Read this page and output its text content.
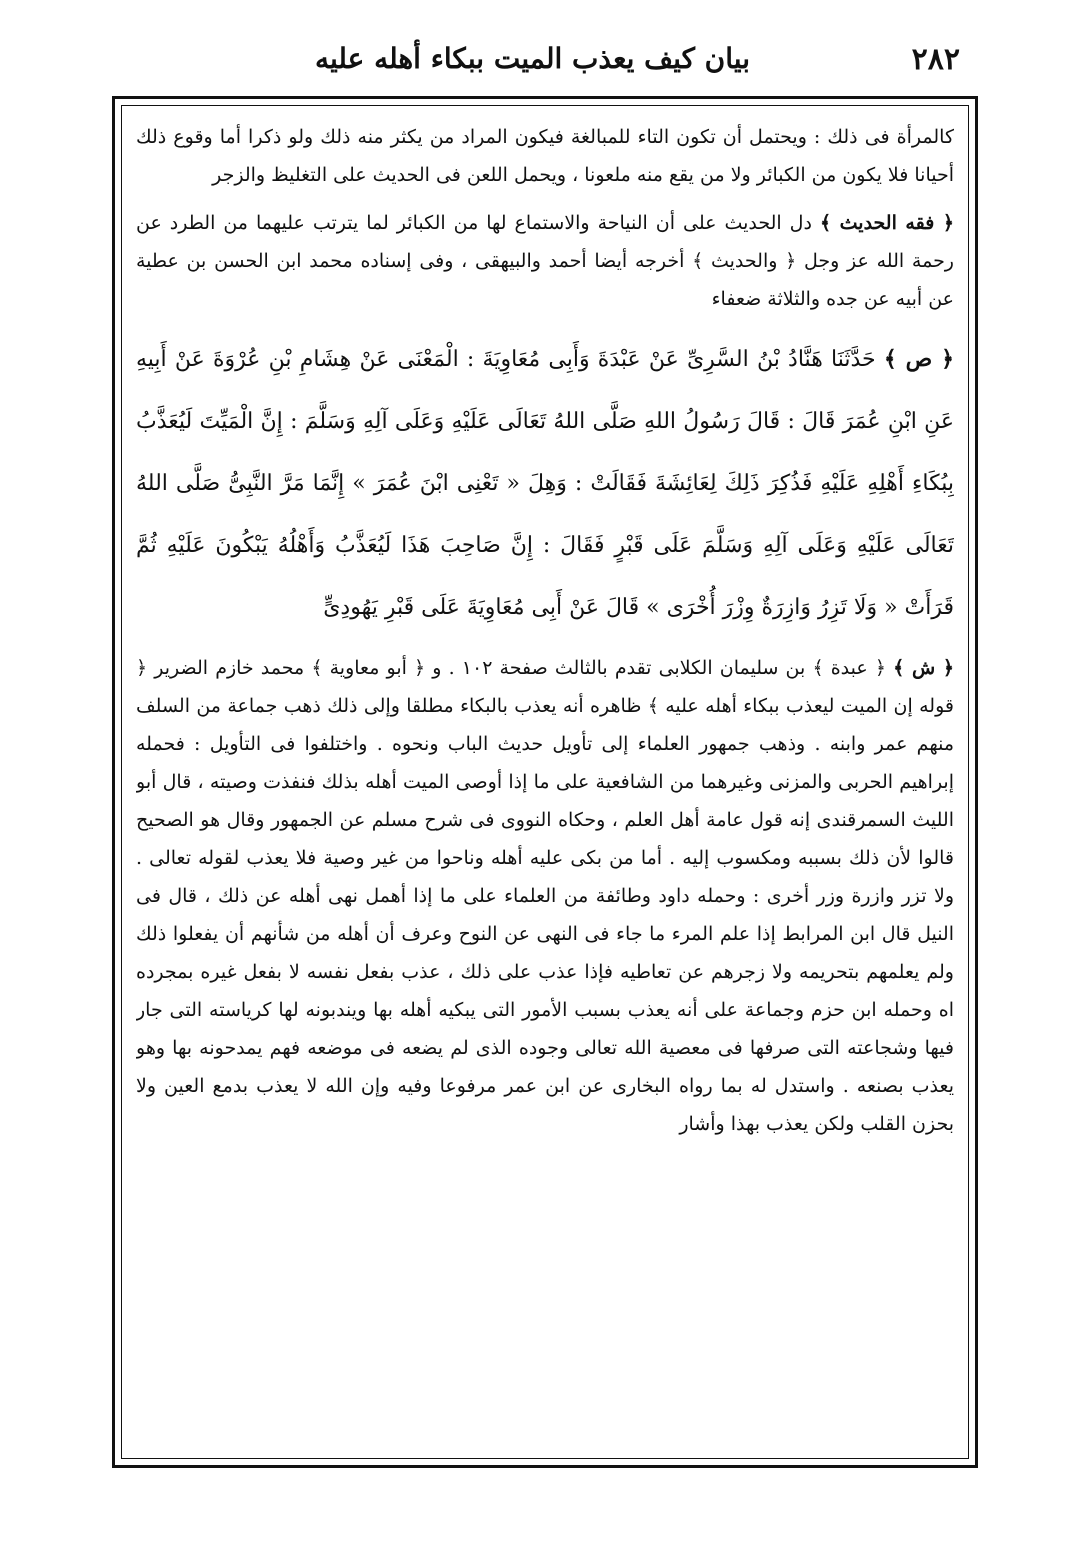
٢٨٢
بيان كيف يعذب الميت ببكاء أهله عليه

كالمرأة فى ذلك : ويحتمل أن تكون التاء للمبالغة فيكون المراد من يكثر منه ذلك ولو ذكرا أما وقوع ذلك أحيانا فلا يكون من الكبائر ولا من يقع منه ملعونا ، ويحمل اللعن فى الحديث على التغليظ والزجر

﴿ فقه الحديث ﴾ دل الحديث على أن النياحة والاستماع لها من الكبائر لما يترتب عليهما من الطرد عن رحمة الله عز وجل ﴿ والحديث ﴾ أخرجه أيضا أحمد والبيهقى ، وفى إسناده محمد ابن الحسن بن عطية عن أبيه عن جده والثلاثة ضعفاء

﴿ ص ﴾ حَدَّثَنَا هَنَّادُ بْنُ السَّرِىِّ عَنْ عَبْدَةَ وَأَبِى مُعَاوِيَةَ : الْمَعْنَى عَنْ هِشَامِ بْنِ عُرْوَةَ عَنْ أَبِيهِ عَنِ ابْنِ عُمَرَ قَالَ : قَالَ رَسُولُ اللهِ صَلَّى اللهُ تَعَالَى عَلَيْهِ وَعَلَى آلِهِ وَسَلَّمَ : إِنَّ الْمَيِّتَ لَيُعَذَّبُ بِبُكَاءِ أَهْلِهِ عَلَيْهِ فَذُكِرَ ذَلِكَ لِعَائِشَةَ فَقَالَتْ : وَهِلَ « تَعْنِى ابْنَ عُمَرَ » إِنَّمَا مَرَّ النَّبِىُّ صَلَّى اللهُ تَعَالَى عَلَيْهِ وَعَلَى آلِهِ وَسَلَّمَ عَلَى قَبْرٍ فَقَالَ : إِنَّ صَاحِبَ هَذَا لَيُعَذَّبُ وَأَهْلُهُ يَبْكُونَ عَلَيْهِ ثُمَّ قَرَأَتْ « وَلَا تَزِرُ وَازِرَةٌ وِزْرَ أُخْرَى » قَالَ عَنْ أَبِى مُعَاوِيَةَ عَلَى قَبْرِ يَهُودِىٍّ

﴿ ش ﴾ ﴿ عبدة ﴾ بن سليمان الكلابى تقدم بالثالث صفحة ١٠٢ . و ﴿ أبو معاوية ﴾ محمد خازم الضرير ﴿ قوله إن الميت ليعذب ببكاء أهله عليه ﴾ ظاهره أنه يعذب بالبكاء مطلقا وإلى ذلك ذهب جماعة من السلف منهم عمر وابنه . وذهب جمهور العلماء إلى تأويل حديث الباب ونحوه . واختلفوا فى التأويل : فحمله إبراهيم الحربى والمزنى وغيرهما من الشافعية على ما إذا أوصى الميت أهله بذلك فنفذت وصيته ، قال أبو الليث السمرقندى إنه قول عامة أهل العلم ، وحكاه النووى فى شرح مسلم عن الجمهور وقال هو الصحيح قالوا لأن ذلك بسببه ومكسوب إليه . أما من بكى عليه أهله وناحوا من غير وصية فلا يعذب لقوله تعالى . ولا تزر وازرة وزر أخرى : وحمله داود وطائفة من العلماء على ما إذا أهمل نهى أهله عن ذلك ، قال فى النيل قال ابن المرابط إذا علم المرء ما جاء فى النهى عن النوح وعرف أن أهله من شأنهم أن يفعلوا ذلك ولم يعلمهم بتحريمه ولا زجرهم عن تعاطيه فإذا عذب على ذلك ، عذب بفعل نفسه لا بفعل غيره بمجرده اه وحمله ابن حزم وجماعة على أنه يعذب بسبب الأمور التى يبكيه أهله بها ويندبونه لها كرياسته التى جار فيها وشجاعته التى صرفها فى معصية الله تعالى وجوده الذى لم يضعه فى موضعه فهم يمدحونه بها وهو يعذب بصنعه . واستدل له بما رواه البخارى عن ابن عمر مرفوعا وفيه وإن الله لا يعذب بدمع العين ولا بحزن القلب ولكن يعذب بهذا وأشار
